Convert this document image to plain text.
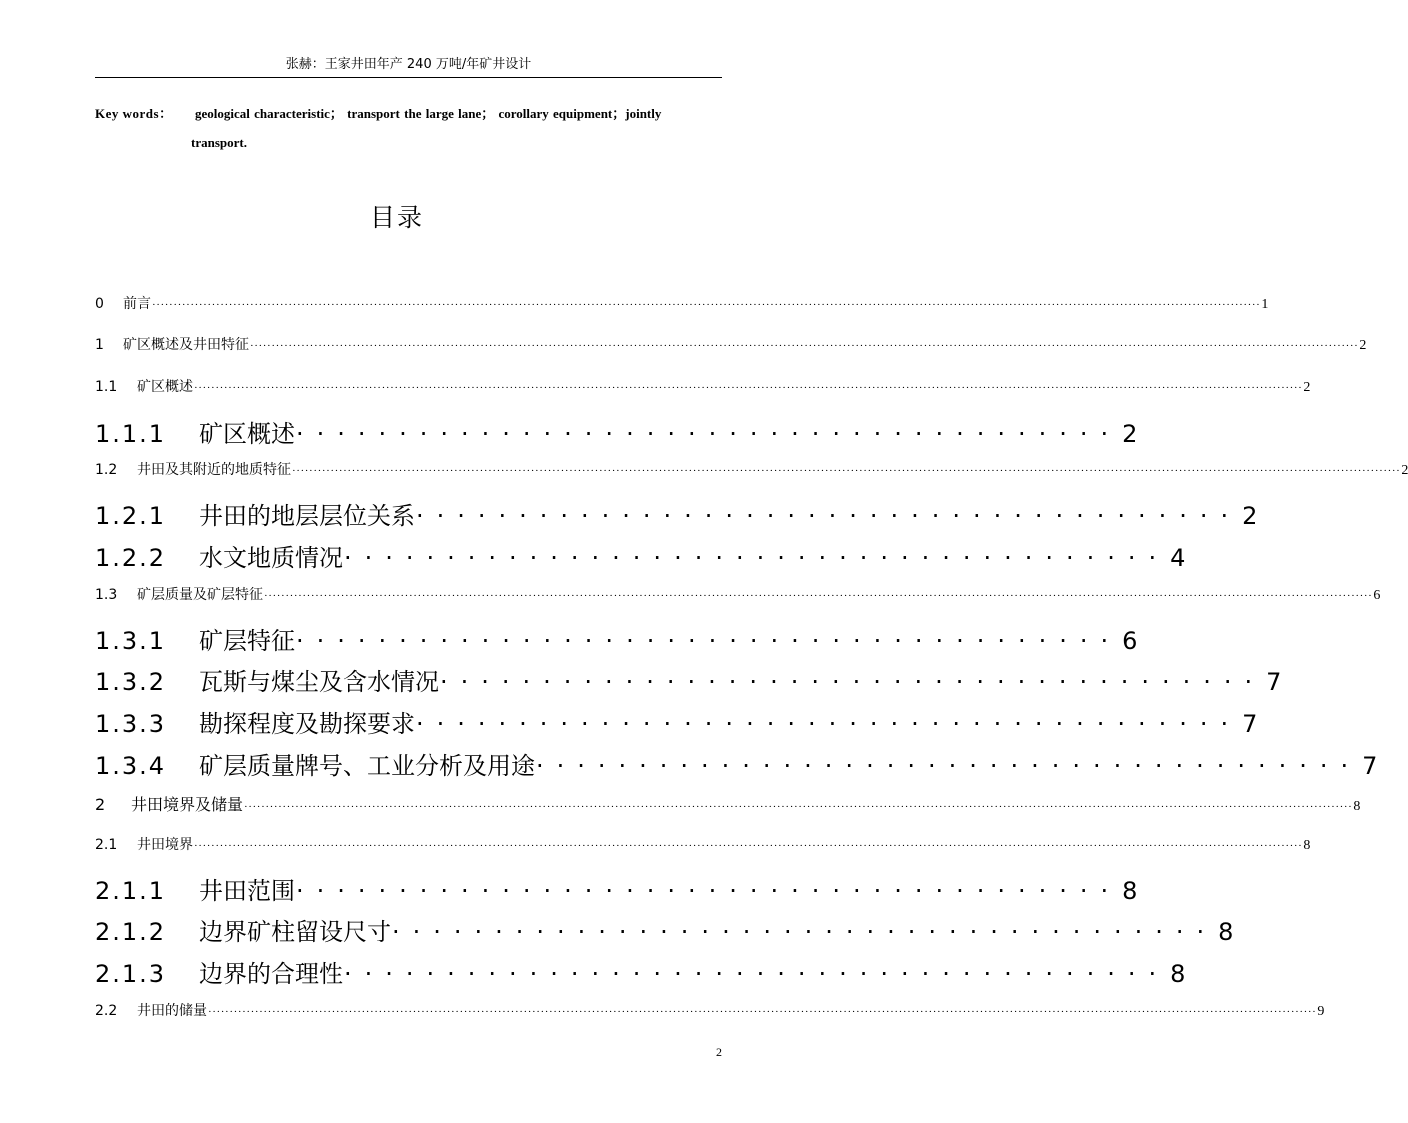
张赫：王家井田年产 240 万吨/年矿井设计
Key words： geological characteristic； transport the large lane； corollary equipment；jointly
transport.
目录
0 前言 ···································································································································································································································································· 1
1 矿区概述及井田特征 ···································································································································································································································································· 2
1.1 矿区概述 ···································································································································································································································································· 2
1.1.1 矿区概述 ········································ 2
1.2 井田及其附近的地质特征 ···································································································································································································································································· 2
1.2.1 井田的地层层位关系 ········································ 2
1.2.2 水文地质情况 ········································ 4
1.3 矿层质量及矿层特征 ···································································································································································································································································· 6
1.3.1 矿层特征 ········································ 6
1.3.2 瓦斯与煤尘及含水情况 ········································ 7
1.3.3 勘探程度及勘探要求 ········································ 7
1.3.4 矿层质量牌号、工业分析及用途 ········································ 7
2 井田境界及储量 ···································································································································································································································································· 8
2.1 井田境界 ···································································································································································································································································· 8
2.1.1 井田范围 ········································ 8
2.1.2 边界矿柱留设尺寸 ········································ 8
2.1.3 边界的合理性 ········································ 8
2.2 井田的储量 ···································································································································································································································································· 9
2
